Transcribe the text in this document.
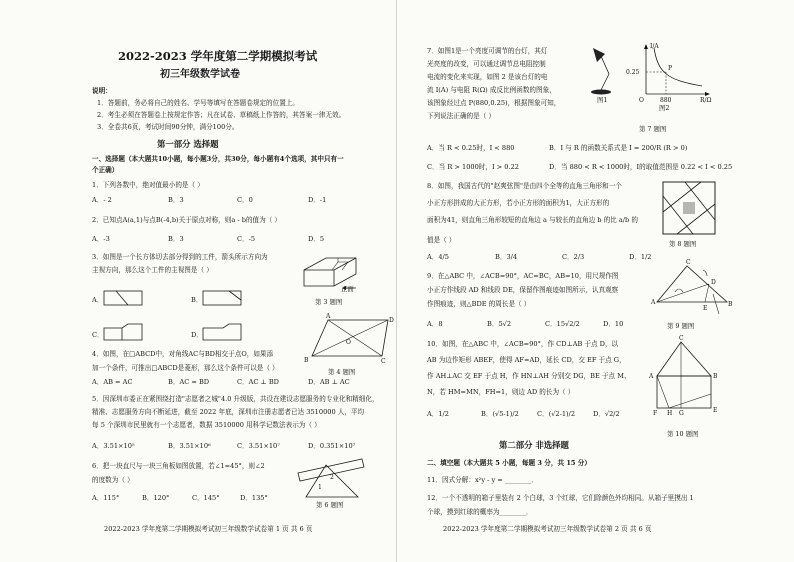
2022-2023 学年度第二学期模拟考试
初三年级数学试卷
说明：
1．答题前，务必将自己的姓名、学号等填写在答题卷规定的位置上。
2．考生必须在答题卷上按规定作答；凡在试卷、草稿纸上作答的，其答案一律无效。
3．全卷共6页，考试时间90分钟，满分100分。
第一部分 选择题
一、选择题（本大题共10小题，每小题3分，共30分，每小题有4个选项，其中只有一
个正确）
1．下列各数中，绝对值最小的是（ ）
A．- 2	B．3	C．0	D．-1
2．已知点A(a,1)与点B(-4,b)关于原点对称，则a - b的值为（ ）
A．-3	B．3	C．-5	D．5
3．如图是一个长方体切去部分得到的工件，箭头所示方向为
主视方向，那么这个工件的主视图是（ ）
正面
第 3 题图
A．	B．
C．	D．
A
B	C
D
O
4．如图，在□ABCD中，对角线AC与BD相交于点O，如果添
加一个条件，可推出□ABCD是菱形，那么这个条件可以是（ ）	第 4 题图
A．AB = AC	B．AC = BD	C．AC ⊥ BD	D．AB ⊥ AC
5．因深圳市委正在紧围绕打造"志愿者之城"4.0 升级版，共设在建设志愿服务的专业化和精细化，
精准、志愿服务方向不断延进，截至 2022 年底，深圳市注册志愿者已达 3510000 人，平均
每 5 个深圳市民里就有一个志愿者，数据 3510000 用科学记数法表示为（ ）
A．3.51×10⁵	B．3.51×10⁶	C．3.51×10⁷	D．0.351×10⁷
6．把一块直尺与一块三角板如图放置，若∠1=45°，则∠2
的度数为（ ）	2
1
第 6 题图
A．115°	B．120°	C．145°	D．135°
2022-2023 学年度第二学期模拟考试初三年级数学试卷第 1 页 共 6 页
7．如图1是一个亮度可调节的台灯，其灯
光亮度的改变，可以通过调节总电阻控制
电流的变化来实现，如图 2 是该台灯的电
流 I(A) 与电阻 R(Ω) 成反比例函数的图象，
该图象经过点 P(880,0.25)，根据图象可知，
下列说法正确的是（ ）
图1
I/A
R/Ω
0.25
880
O
P
图2
第 7 题图
A．当 R < 0.25时，I < 880	B．I 与 R 的函数关系式是 I = 200/R (R > 0)
C．当 R > 1000时，I > 0.22	D．当 880 < R < 1000时，I的取值范围是 0.22 < I < 0.25
8．如图，我国古代的"赵爽弦图"是由四个全等的直角三角形和一个
小正方形拼成的大正方形，若小正方形的面积为1，大正方形的
面积为41，则直角三角形较短的直角边 a 与较长的直角边 b 的比 a/b 的
值是（ ）	第 8 题图
A．4/5	B．3/4	C．2/3	D．1/2
9．在△ABC 中，∠ACB=90°，AC=BC，AB=10，用尺规作图
小正方作线段 AD 和线段 DE，保留作图痕迹如图所示，认真观察
作图痕迹，则△BDE 的周长是（ ）	A	B
C
D
E
第 9 题图
A．8	B．5√2	C．15√2/2	D．10
10．如图，在△ABC 中，∠ACB=90°，作 CD⊥AB 于点 D，以
AB 为边作矩形 ABEF，使得 AF=AD，延长 CD，交 EF 于点 G，
作 AH⊥AC 交 EF 于点 H，作 HN⊥AH 分别交 DG，BE 于点 M、
N，若 HM=MN，FH=1，则边 AD 的长为（ ）
A	B
C
F H G	E
第 10 题图
A．1/2	B．(√5-1)/2	C．(√2-1)/2	D．√2/2
第二部分 非选择题
二、填空题（本大题共 5 小题，每题 3 分，共 15 分）
11．因式分解：x²y - y = ________．
12．一个不透明的箱子里装有 2 个白球，3 个红球，它们除颜色外均相同。从箱子里摸出 1
个球，摸到红球的概率为________．
2022-2023 学年度第二学期模拟考试初三年级数学试卷第 2 页 共 6 页
